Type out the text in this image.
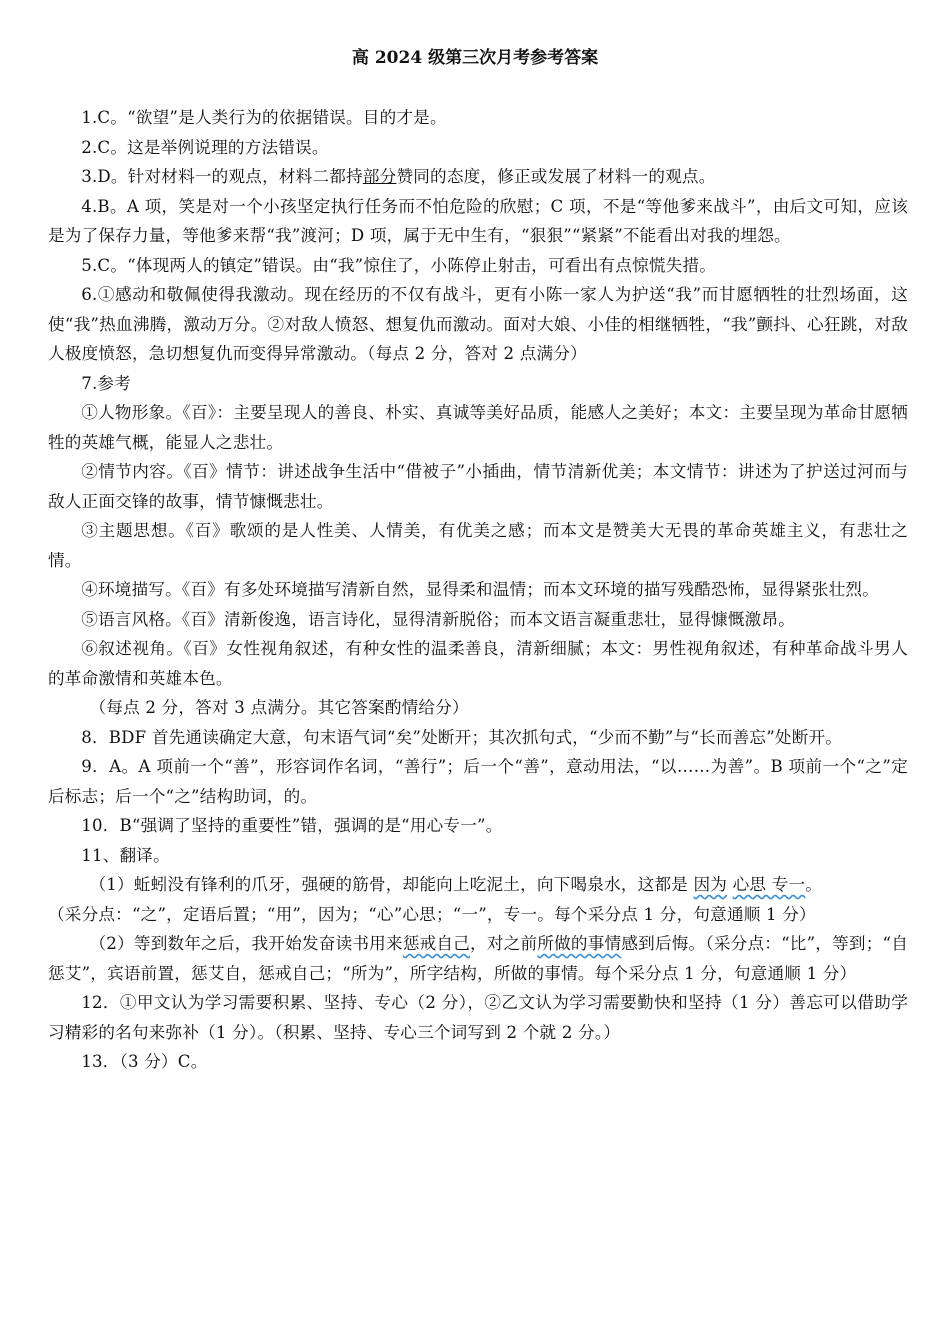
高 2024 级第三次月考参考答案

1.C。“欲望”是人类行为的依据错误。目的才是。

2.C。这是举例说理的方法错误。

3.D。针对材料一的观点，材料二都持部分赞同的态度，修正或发展了材料一的观点。

4.B。A 项，笑是对一个小孩坚定执行任务而不怕危险的欣慰；C 项，不是“等他爹来战斗”，由后文可知，应该是为了保存力量，等他爹来帮“我”渡河；D 项，属于无中生有，“狠狠”“紧紧”不能看出对我的埋怨。

5.C。“体现两人的镇定”错误。由“我”惊住了，小陈停止射击，可看出有点惊慌失措。

6.①感动和敬佩使得我激动。现在经历的不仅有战斗，更有小陈一家人为护送“我”而甘愿牺牲的壮烈场面，这使“我”热血沸腾，激动万分。②对敌人愤怒、想复仇而激动。面对大娘、小佳的相继牺牲，“我”颤抖、心狂跳，对敌人极度愤怒，急切想复仇而变得异常激动。（每点 2 分，答对 2 点满分）

7.参考

①人物形象。《百》：主要呈现人的善良、朴实、真诚等美好品质，能感人之美好；本文：主要呈现为革命甘愿牺牲的英雄气概，能显人之悲壮。

②情节内容。《百》情节：讲述战争生活中“借被子”小插曲，情节清新优美；本文情节：讲述为了护送过河而与敌人正面交锋的故事，情节慷慨悲壮。

③主题思想。《百》歌颂的是人性美、人情美，有优美之感；而本文是赞美大无畏的革命英雄主义，有悲壮之情。

④环境描写。《百》有多处环境描写清新自然，显得柔和温情；而本文环境的描写残酷恐怖，显得紧张壮烈。

⑤语言风格。《百》清新俊逸，语言诗化，显得清新脱俗；而本文语言凝重悲壮，显得慷慨激昂。

⑥叙述视角。《百》女性视角叙述，有种女性的温柔善良，清新细腻；本文：男性视角叙述，有种革命战斗男人的革命激情和英雄本色。

（每点 2 分，答对 3 点满分。其它答案酌情给分）

8．BDF 首先通读确定大意，句末语气词“矣”处断开；其次抓句式，“少而不勤”与“长而善忘”处断开。

9．A。A 项前一个“善”，形容词作名词，“善行”；后一个“善”，意动用法，“以……为善”。B 项前一个“之”定后标志；后一个“之”结构助词，的。

10．B“强调了坚持的重要性”错，强调的是“用心专一”。

11、翻译。

（1）蚯蚓没有锋利的爪牙，强硬的筋骨，却能向上吃泥土，向下喝泉水，这都是 因为 心思 专一。

（采分点：“之”，定语后置；“用”，因为；“心”心思；“一”，专一。每个采分点 1 分，句意通顺 1 分）

（2）等到数年之后，我开始发奋读书用来惩戒自己，对之前所做的事情感到后悔。（采分点：“比”，等到；“自惩艾”，宾语前置，惩艾自，惩戒自己；“所为”，所字结构，所做的事情。每个采分点 1 分，句意通顺 1 分）

12．①甲文认为学习需要积累、坚持、专心（2 分），②乙文认为学习需要勤快和坚持（1 分）善忘可以借助学习精彩的名句来弥补（1 分）。（积累、坚持、专心三个词写到 2 个就 2 分。）

13．（3 分）C。
